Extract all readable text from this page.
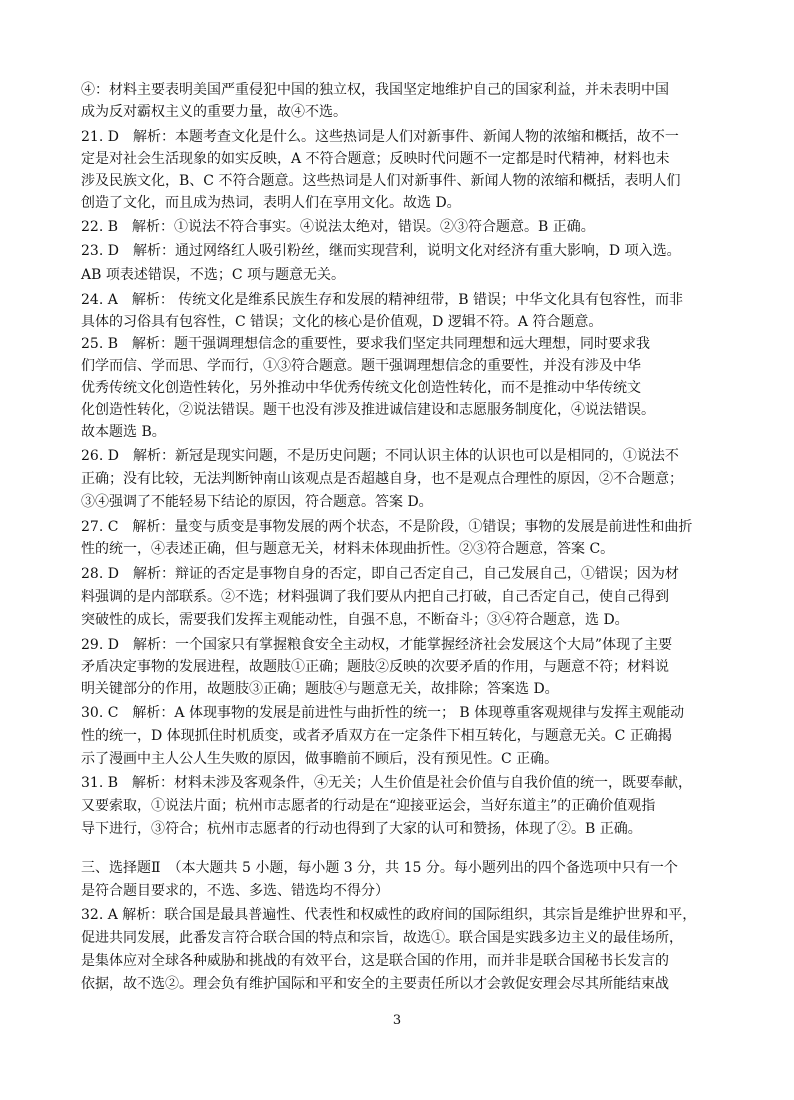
④：材料主要表明美国严重侵犯中国的独立权，我国坚定地维护自己的国家利益，并未表明中国
成为反对霸权主义的重要力量，故④不选。
21. D　解析：本题考查文化是什么。这些热词是人们对新事件、新闻人物的浓缩和概括，故不一
定是对社会生活现象的如实反映，A 不符合题意；反映时代问题不一定都是时代精神，材料也未
涉及民族文化，B、C 不符合题意。这些热词是人们对新事件、新闻人物的浓缩和概括，表明人们
创造了文化，而且成为热词，表明人们在享用文化。故选 D。
22. B　解析：①说法不符合事实。④说法太绝对，错误。②③符合题意。B 正确。
23. D　解析：通过网络红人吸引粉丝，继而实现营利，说明文化对经济有重大影响，D 项入选。
AB 项表述错误，不选；C 项与题意无关。
24. A　解析： 传统文化是维系民族生存和发展的精神纽带，B 错误；中华文化具有包容性，而非
具体的习俗具有包容性，C 错误；文化的核心是价值观，D 逻辑不符。A 符合题意。
25. B　解析：题干强调理想信念的重要性，要求我们坚定共同理想和远大理想，同时要求我
们学而信、学而思、学而行，①③符合题意。题干强调理想信念的重要性，并没有涉及中华
优秀传统文化创造性转化，另外推动中华优秀传统文化创造性转化，而不是推动中华传统文
化创造性转化，②说法错误。题干也没有涉及推进诚信建设和志愿服务制度化，④说法错误。
故本题选 B。
26. D　解析：新冠是现实问题，不是历史问题；不同认识主体的认识也可以是相同的，①说法不
正确；没有比较，无法判断钟南山该观点是否超越自身，也不是观点合理性的原因，②不合题意；
③④强调了不能轻易下结论的原因，符合题意。答案 D。
27. C　解析：量变与质变是事物发展的两个状态，不是阶段，①错误；事物的发展是前进性和曲折
性的统一，④表述正确，但与题意无关，材料未体现曲折性。②③符合题意，答案 C。
28. D　解析：辩证的否定是事物自身的否定，即自己否定自己，自己发展自己，①错误；因为材
料强调的是内部联系。②不选；材料强调了我们要从内把自己打破，自己否定自己，使自己得到
突破性的成长，需要我们发挥主观能动性，自强不息，不断奋斗；③④符合题意，选 D。
29. D　解析：一个国家只有掌握粮食安全主动权，才能掌握经济社会发展这个大局”体现了主要
矛盾决定事物的发展进程，故题肢①正确；题肢②反映的次要矛盾的作用，与题意不符；材料说
明关键部分的作用，故题肢③正确；题肢④与题意无关，故排除；答案选 D。
30. C　解析：A 体现事物的发展是前进性与曲折性的统一； B 体现尊重客观规律与发挥主观能动
性的统一，D 体现抓住时机质变，或者矛盾双方在一定条件下相互转化，与题意无关。C 正确揭
示了漫画中主人公人生失败的原因，做事瞻前不顾后，没有预见性。C 正确。
31. B　解析：材料未涉及客观条件，④无关；人生价值是社会价值与自我价值的统一，既要奉献，
又要索取，①说法片面；杭州市志愿者的行动是在“迎接亚运会，当好东道主”的正确价值观指
导下进行，③符合；杭州市志愿者的行动也得到了大家的认可和赞扬，体现了②。B 正确。
三、选择题Ⅱ　（本大题共 5 小题，每小题 3 分，共 15 分。每小题列出的四个备选项中只有一个
是符合题目要求的，不选、多选、错选均不得分）
32. A 解析：联合国是最具普遍性、代表性和权威性的政府间的国际组织，其宗旨是维护世界和平，
促进共同发展，此番发言符合联合国的特点和宗旨，故选①。联合国是实践多边主义的最佳场所，
是集体应对全球各种威胁和挑战的有效平台，这是联合国的作用，而并非是联合国秘书长发言的
依据，故不选②。理会负有维护国际和平和安全的主要责任所以才会敦促安理会尽其所能结束战
3
